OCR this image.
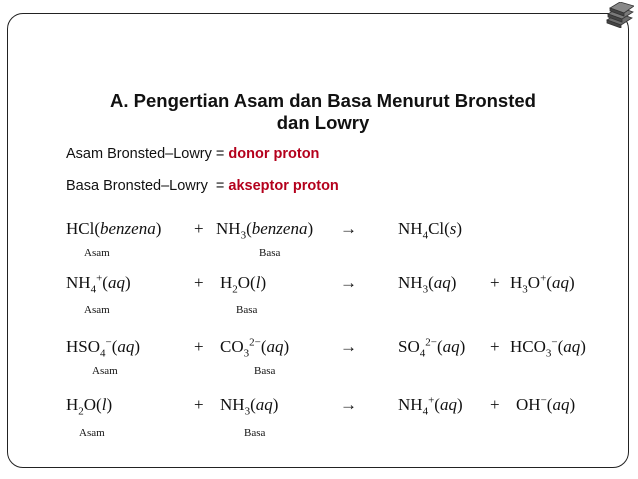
A. Pengertian Asam dan Basa Menurut Bronsted
dan Lowry
Asam Bronsted–Lowry = donor proton
Basa Bronsted–Lowry  = akseptor proton
HCl(benzena) + $NH_3(benzena) \to NH_4Cl(s)$
Asam	Basa
$NH_4^+(aq)$	+ $H_2O(l)$	→ $NH_3(aq) + H_3O^+(aq)$
Asam	Basa
$HSO_4^-(aq)$	+ $CO_3^{2-}(aq)$	→ $SO_4^{2-}(aq) + HCO_3^-(aq)$
Asam	Basa
$H_2O(l)$	+ $NH_3(aq)$	→ $NH_4^+(aq) + OH^-(aq)$
Asam	Basa
